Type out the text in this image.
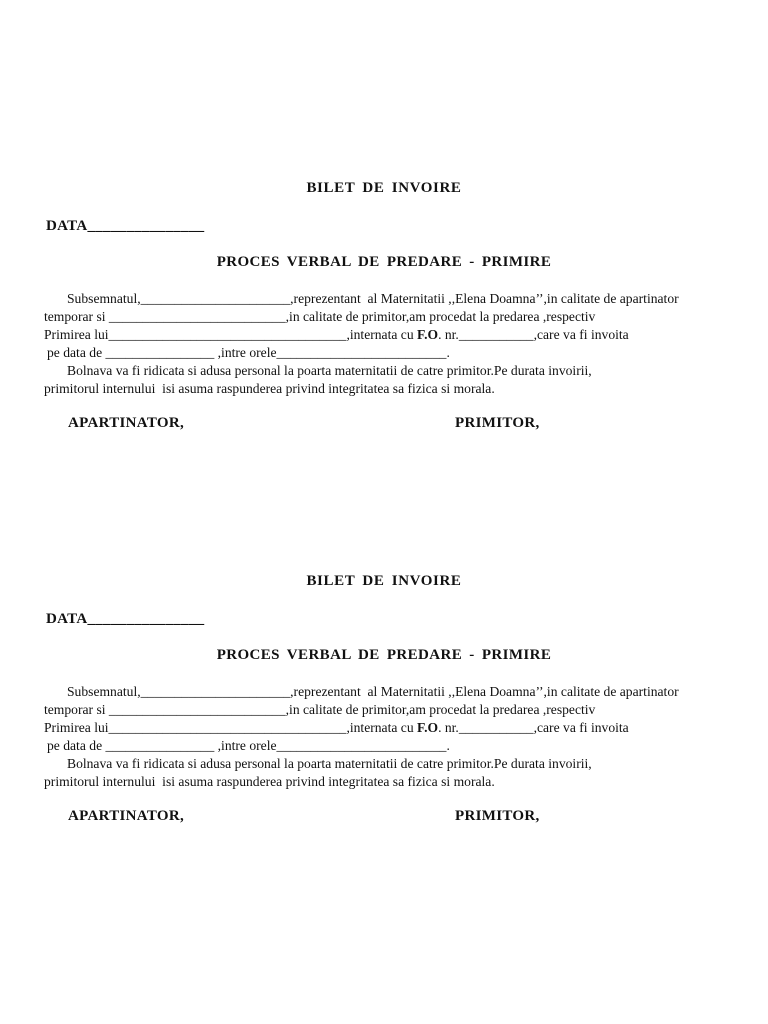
BILET DE INVOIRE
DATA_______________
PROCES VERBAL DE PREDARE - PRIMIRE
Subsemnatul,______________________,reprezentant  al Maternitatii ,,Elena Doamna’’,in calitate de apartinator
temporar si __________________________,in calitate de primitor,am procedat la predarea ,respectiv
Primirea lui___________________________________,internata cu F.O. nr.___________,care va fi invoita
pe data de ________________ ,intre orele_________________________.
Bolnava va fi ridicata si adusa personal la poarta maternitatii de catre primitor.Pe durata invoirii,
primitorul internului  isi asuma raspunderea privind integritatea sa fizica si morala.
APARTINATOR,	PRIMITOR,
BILET DE INVOIRE
DATA_______________
PROCES VERBAL DE PREDARE - PRIMIRE
Subsemnatul,______________________,reprezentant  al Maternitatii ,,Elena Doamna’’,in calitate de apartinator
temporar si __________________________,in calitate de primitor,am procedat la predarea ,respectiv
Primirea lui___________________________________,internata cu F.O. nr.___________,care va fi invoita
pe data de ________________ ,intre orele_________________________.
Bolnava va fi ridicata si adusa personal la poarta maternitatii de catre primitor.Pe durata invoirii,
primitorul internului  isi asuma raspunderea privind integritatea sa fizica si morala.
APARTINATOR,	PRIMITOR,
